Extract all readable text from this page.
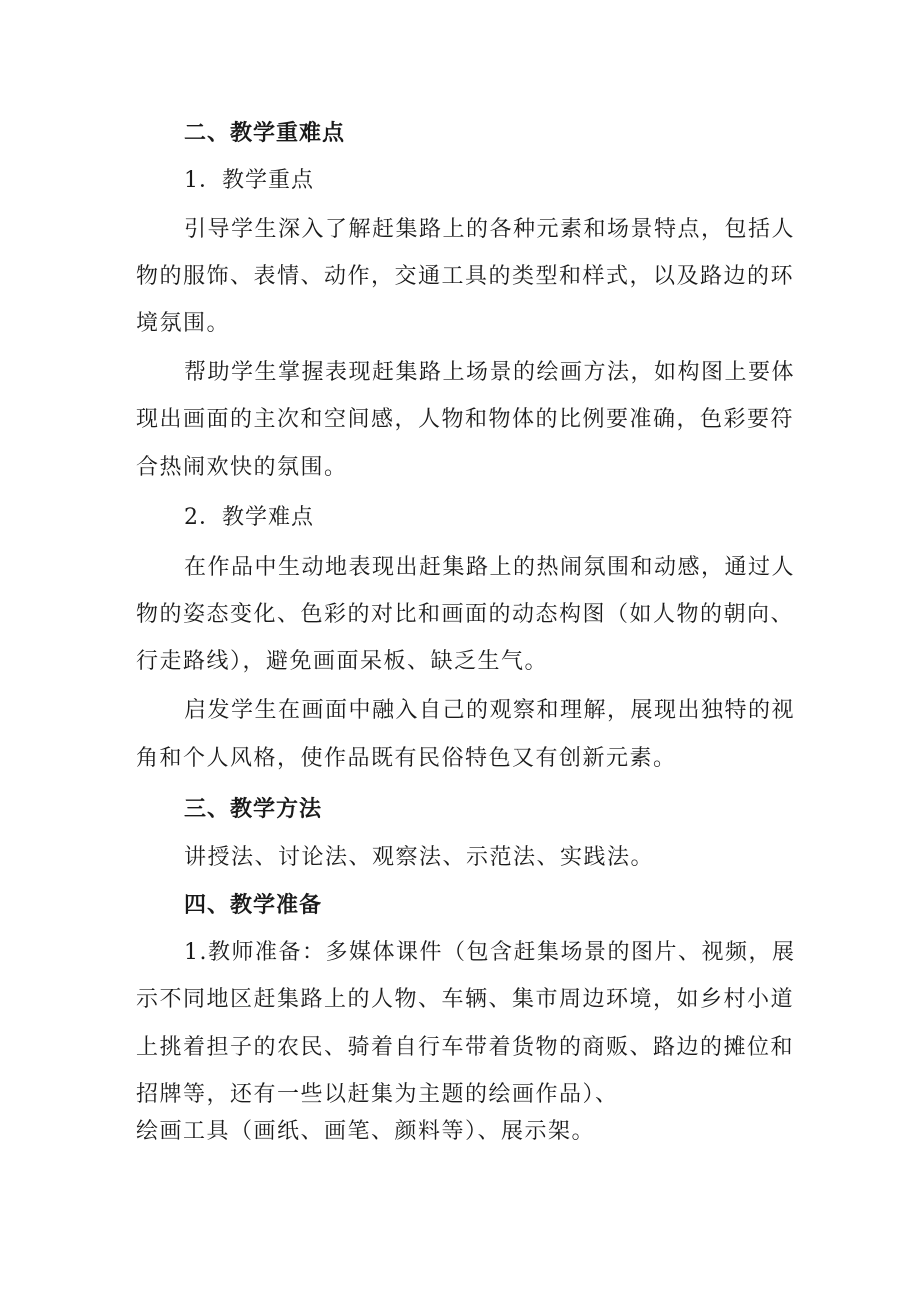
二、教学重难点
1．教学重点
引导学生深入了解赶集路上的各种元素和场景特点，包括人
物的服饰、表情、动作，交通工具的类型和样式，以及路边的环
境氛围。
帮助学生掌握表现赶集路上场景的绘画方法，如构图上要体
现出画面的主次和空间感，人物和物体的比例要准确，色彩要符
合热闹欢快的氛围。
2．教学难点
在作品中生动地表现出赶集路上的热闹氛围和动感，通过人
物的姿态变化、色彩的对比和画面的动态构图（如人物的朝向、
行走路线），避免画面呆板、缺乏生气。
启发学生在画面中融入自己的观察和理解，展现出独特的视
角和个人风格，使作品既有民俗特色又有创新元素。
三、教学方法
讲授法、讨论法、观察法、示范法、实践法。
四、教学准备
1.教师准备：多媒体课件（包含赶集场景的图片、视频，展
示不同地区赶集路上的人物、车辆、集市周边环境，如乡村小道
上挑着担子的农民、骑着自行车带着货物的商贩、路边的摊位和
招牌等，还有一些以赶集为主题的绘画作品）、
绘画工具（画纸、画笔、颜料等）、展示架。
